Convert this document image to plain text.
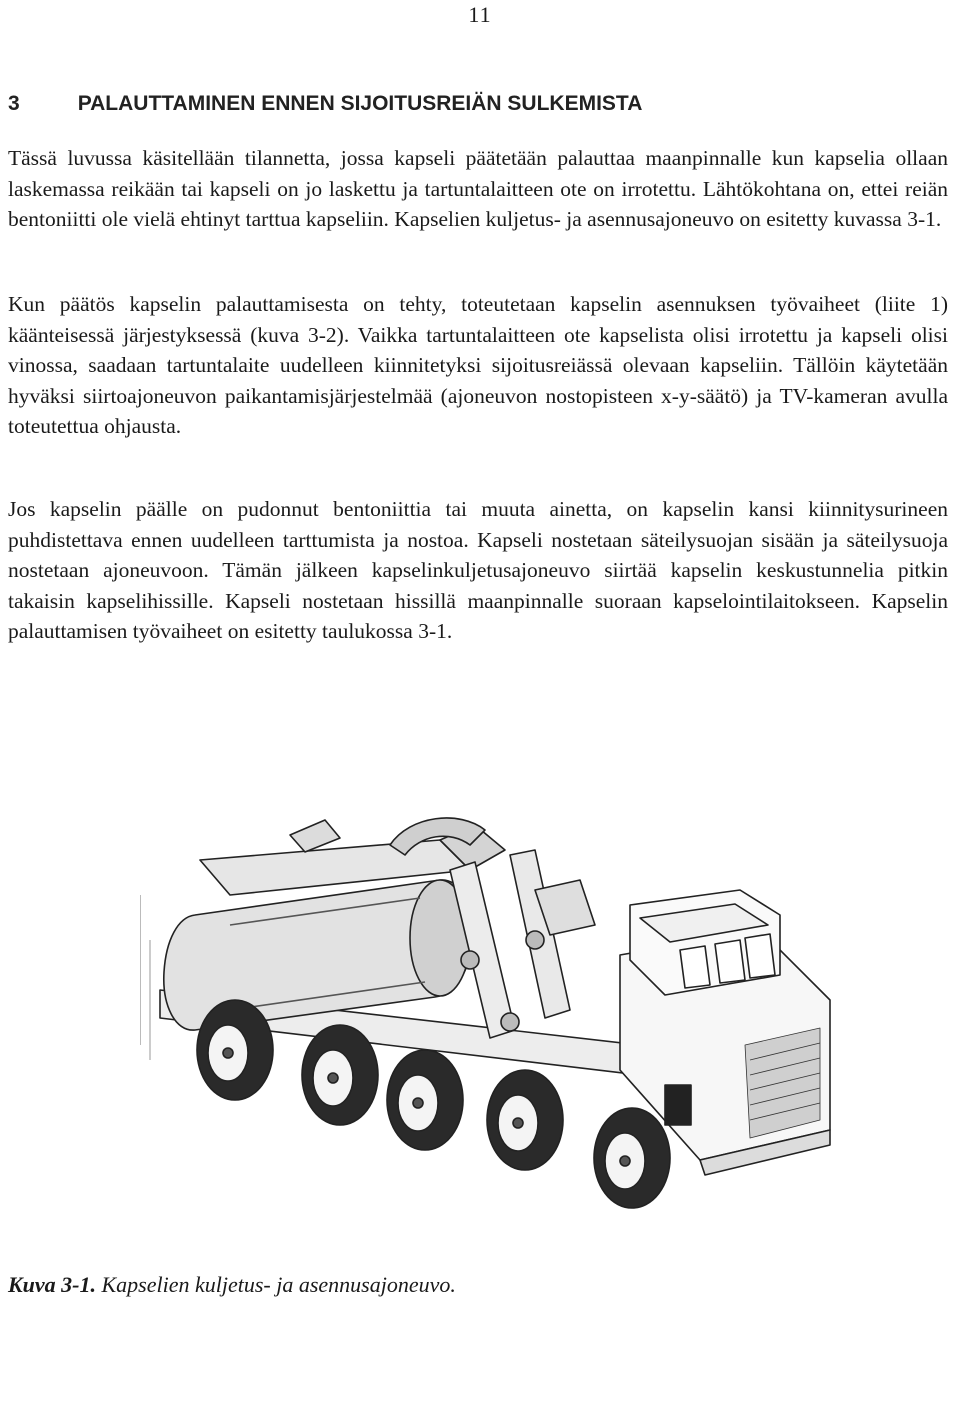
11
3	PALAUTTAMINEN ENNEN SIJOITUSREIÄN SULKEMISTA

Tässä luvussa käsitellään tilannetta, jossa kapseli päätetään palauttaa maanpinnalle kun kapselia ollaan laskemassa reikään tai kapseli on jo laskettu ja tartuntalaitteen ote on irrotettu. Lähtökohtana on, ettei reiän bentoniitti ole vielä ehtinyt tarttua kapseliin. Kapselien kuljetus- ja asennusajoneuvo on esitetty kuvassa 3-1.

Kun päätös kapselin palauttamisesta on tehty, toteutetaan kapselin asennuksen työvaiheet (liite 1) käänteisessä järjestyksessä (kuva 3-2). Vaikka tartuntalaitteen ote kapselista olisi irrotettu ja kapseli olisi vinossa, saadaan tartuntalaite uudelleen kiinnitetyksi sijoitusreiässä olevaan kapseliin. Tällöin käytetään hyväksi siirtoajoneuvon paikantamisjärjestelmää (ajoneuvon nostopisteen x-y-säätö) ja TV-kameran avulla toteutettua ohjausta.

Jos kapselin päälle on pudonnut bentoniittia tai muuta ainetta, on kapselin kansi kiinnitysurineen puhdistettava ennen uudelleen tarttumista ja nostoa. Kapseli nostetaan säteilysuojan sisään ja säteilysuoja nostetaan ajoneuvoon. Tämän jälkeen kapselinkuljetusajoneuvo siirtää kapselin keskustunnelia pitkin takaisin kapselihissille. Kapseli nostetaan hissillä maanpinnalle suoraan kapselointilaitokseen. Kapselin palauttamisen työvaiheet on esitetty taulukossa 3-1.

Kuva 3-1. Kapselien kuljetus- ja asennusajoneuvo.
